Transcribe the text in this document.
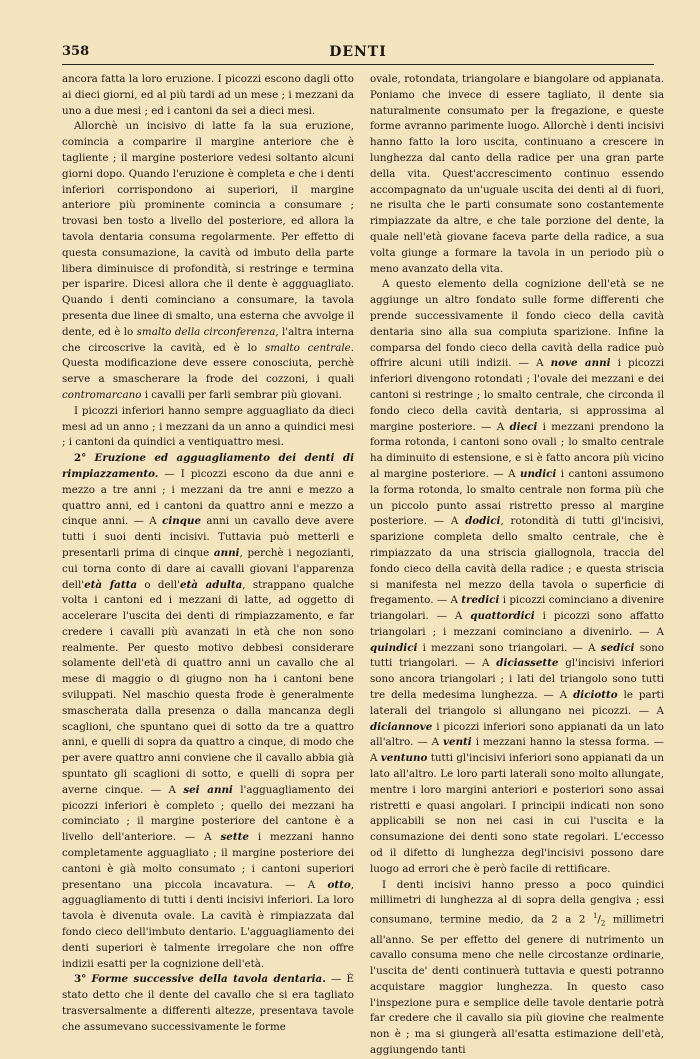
358	DENTI

ancora fatta la loro eruzione. I picozzi escono dagli otto ai dieci giorni, ed al più tardi ad un mese ; i mezzani da uno a due mesi ; ed i cantoni da sei a dieci mesi.

Allorchè un incisivo di latte fa la sua eruzione, comincia a comparire il margine anteriore che è tagliente ; il margine posteriore vedesi soltanto alcuni giorni dopo. Quando l'eruzione è completa e che i denti inferiori corrispondono ai superiori, il margine anteriore più prominente comincia a consumare ; trovasi ben tosto a livello del posteriore, ed allora la tavola dentaria consuma regolarmente. Per effetto di questa consumazione, la cavità od imbuto della parte libera diminuisce di profondità, si restringe e termina per isparire. Dicesi allora che il dente è aggguagliato. Quando i denti cominciano a consumare, la tavola presenta due linee di smalto, una esterna che avvolge il dente, ed è lo smalto della circonferenza, l'altra interna che circoscrive la cavità, ed è lo smalto centrale. Questa modificazione deve essere conosciuta, perchè serve a smascherare la frode dei cozzoni, i quali contromarcano i cavalli per farli sembrar più giovani.

I picozzi inferiori hanno sempre agguagliato da dieci mesi ad un anno ; i mezzani da un anno a quindici mesi ; i cantoni da quindici a ventiquattro mesi.

2° Eruzione ed agguagliamento dei denti di rimpiazzamento. — I picozzi escono da due anni e mezzo a tre anni ; i mezzani da tre anni e mezzo a quattro anni, ed i cantoni da quattro anni e mezzo a cinque anni. — A cinque anni un cavallo deve avere tutti i suoi denti incisivi. Tuttavia può metterli e presentarli prima di cinque anni, perchè i negozianti, cui torna conto di dare ai cavalli giovani l'apparenza dell'età fatta o dell'età adulta, strappano qualche volta i cantoni ed i mezzani di latte, ad oggetto di accelerare l'uscita dei denti di rimpiazzamento, e far credere i cavalli più avanzati in età che non sono realmente. Per questo motivo debbesi considerare solamente dell'età di quattro anni un cavallo che al mese di maggio o di giugno non ha i cantoni bene sviluppati. Nel maschio questa frode è generalmente smascherata dalla presenza o dalla mancanza degli scaglioni, che spuntano quei di sotto da tre a quattro anni, e quelli di sopra da quattro a cinque, di modo che per avere quattro anni conviene che il cavallo abbia già spuntato gli scaglioni di sotto, e quelli di sopra per averne cinque. — A sei anni l'agguagliamento dei picozzi inferiori è completo ; quello dei mezzani ha cominciato ; il margine posteriore del cantone è a livello dell'anteriore. — A sette i mezzani hanno completamente agguagliato ; il margine posteriore dei cantoni è già molto consumato ; i cantoni superiori presentano una piccola incavatura. — A otto, agguagliamento di tutti i denti incisivi inferiori. La loro tavola è divenuta ovale. La cavità è rimpiazzata dal fondo cieco dell'imbuto dentario. L'agguagliamento dei denti superiori è talmente irregolare che non offre indizii esatti per la cognizione dell'età.

3° Forme successive della tavola dentaria. — È stato detto che il dente del cavallo che si era tagliato trasversalmente a differenti altezze, presentava tavole che assumevano successivamente le forme

ovale, rotondata, triangolare e biangolare od appianata. Poniamo che invece di essere tagliato, il dente sia naturalmente consumato per la fregazione, e queste forme avranno parimente luogo. Allorchè i denti incisivi hanno fatto la loro uscita, continuano a crescere in lunghezza dal canto della radice per una gran parte della vita. Quest'accrescimento continuo essendo accompagnato da un'uguale uscita dei denti al di fuori, ne risulta che le parti consumate sono costantemente rimpiazzate da altre, e che tale porzione del dente, la quale nell'età giovane faceva parte della radice, a sua volta giunge a formare la tavola in un periodo più o meno avanzato della vita.

A questo elemento della cognizione dell'età se ne aggiunge un altro fondato sulle forme differenti che prende successivamente il fondo cieco della cavità dentaria sino alla sua compiuta sparizione. Infine la comparsa del fondo cieco della cavità della radice può offrire alcuni utili indizii. — A nove anni i picozzi inferiori divengono rotondati ; l'ovale dei mezzani e dei cantoni si restringe ; lo smalto centrale, che circonda il fondo cieco della cavità dentaria, si approssima al margine posteriore. — A dieci i mezzani prendono la forma rotonda, i cantoni sono ovali ; lo smalto centrale ha diminuito di estensione, e si è fatto ancora più vicino al margine posteriore. — A undici i cantoni assumono la forma rotonda, lo smalto centrale non forma più che un piccolo punto assai ristretto presso al margine posteriore. — A dodici, rotondità di tutti gl'incisivi, sparizione completa dello smalto centrale, che è rimpiazzato da una striscia giallognola, traccia del fondo cieco della cavità della radice ; e questa striscia si manifesta nel mezzo della tavola o superficie di fregamento. — A tredici i picozzi cominciano a divenire triangolari. — A quattordici i picozzi sono affatto triangolari ; i mezzani cominciano a divenirlo. — A quindici i mezzani sono triangolari. — A sedici sono tutti triangolari. — A diciassette gl'incisivi inferiori sono ancora triangolari ; i lati del triangolo sono tutti tre della medesima lunghezza. — A diciotto le parti laterali del triangolo si allungano nei picozzi. — A diciannove i picozzi inferiori sono appianati da un lato all'altro. — A venti i mezzani hanno la stessa forma. — A ventuno tutti gl'incisivi inferiori sono appianati da un lato all'altro. Le loro parti laterali sono molto allungate, mentre i loro margini anteriori e posteriori sono assai ristretti e quasi angolari. I principii indicati non sono applicabili se non nei casi in cui l'uscita e la consumazione dei denti sono state regolari. L'eccesso od il difetto di lunghezza degl'incisivi possono dare luogo ad errori che è però facile di rettificare.

I denti incisivi hanno presso a poco quindici millimetri di lunghezza al di sopra della gengiva ; essi consumano, termine medio, da 2 a 2 $^1/_2$ millimetri all'anno. Se per effetto del genere di nutrimento un cavallo consuma meno che nelle circostanze ordinarie, l'uscita de' denti continuerà tuttavia e questi potranno acquistare maggior lunghezza. In questo caso l'inspezione pura e semplice delle tavole dentarie potrà far credere che il cavallo sia più giovine che realmente non è ; ma si giungerà all'esatta estimazione dell'età, aggiungendo tanti
